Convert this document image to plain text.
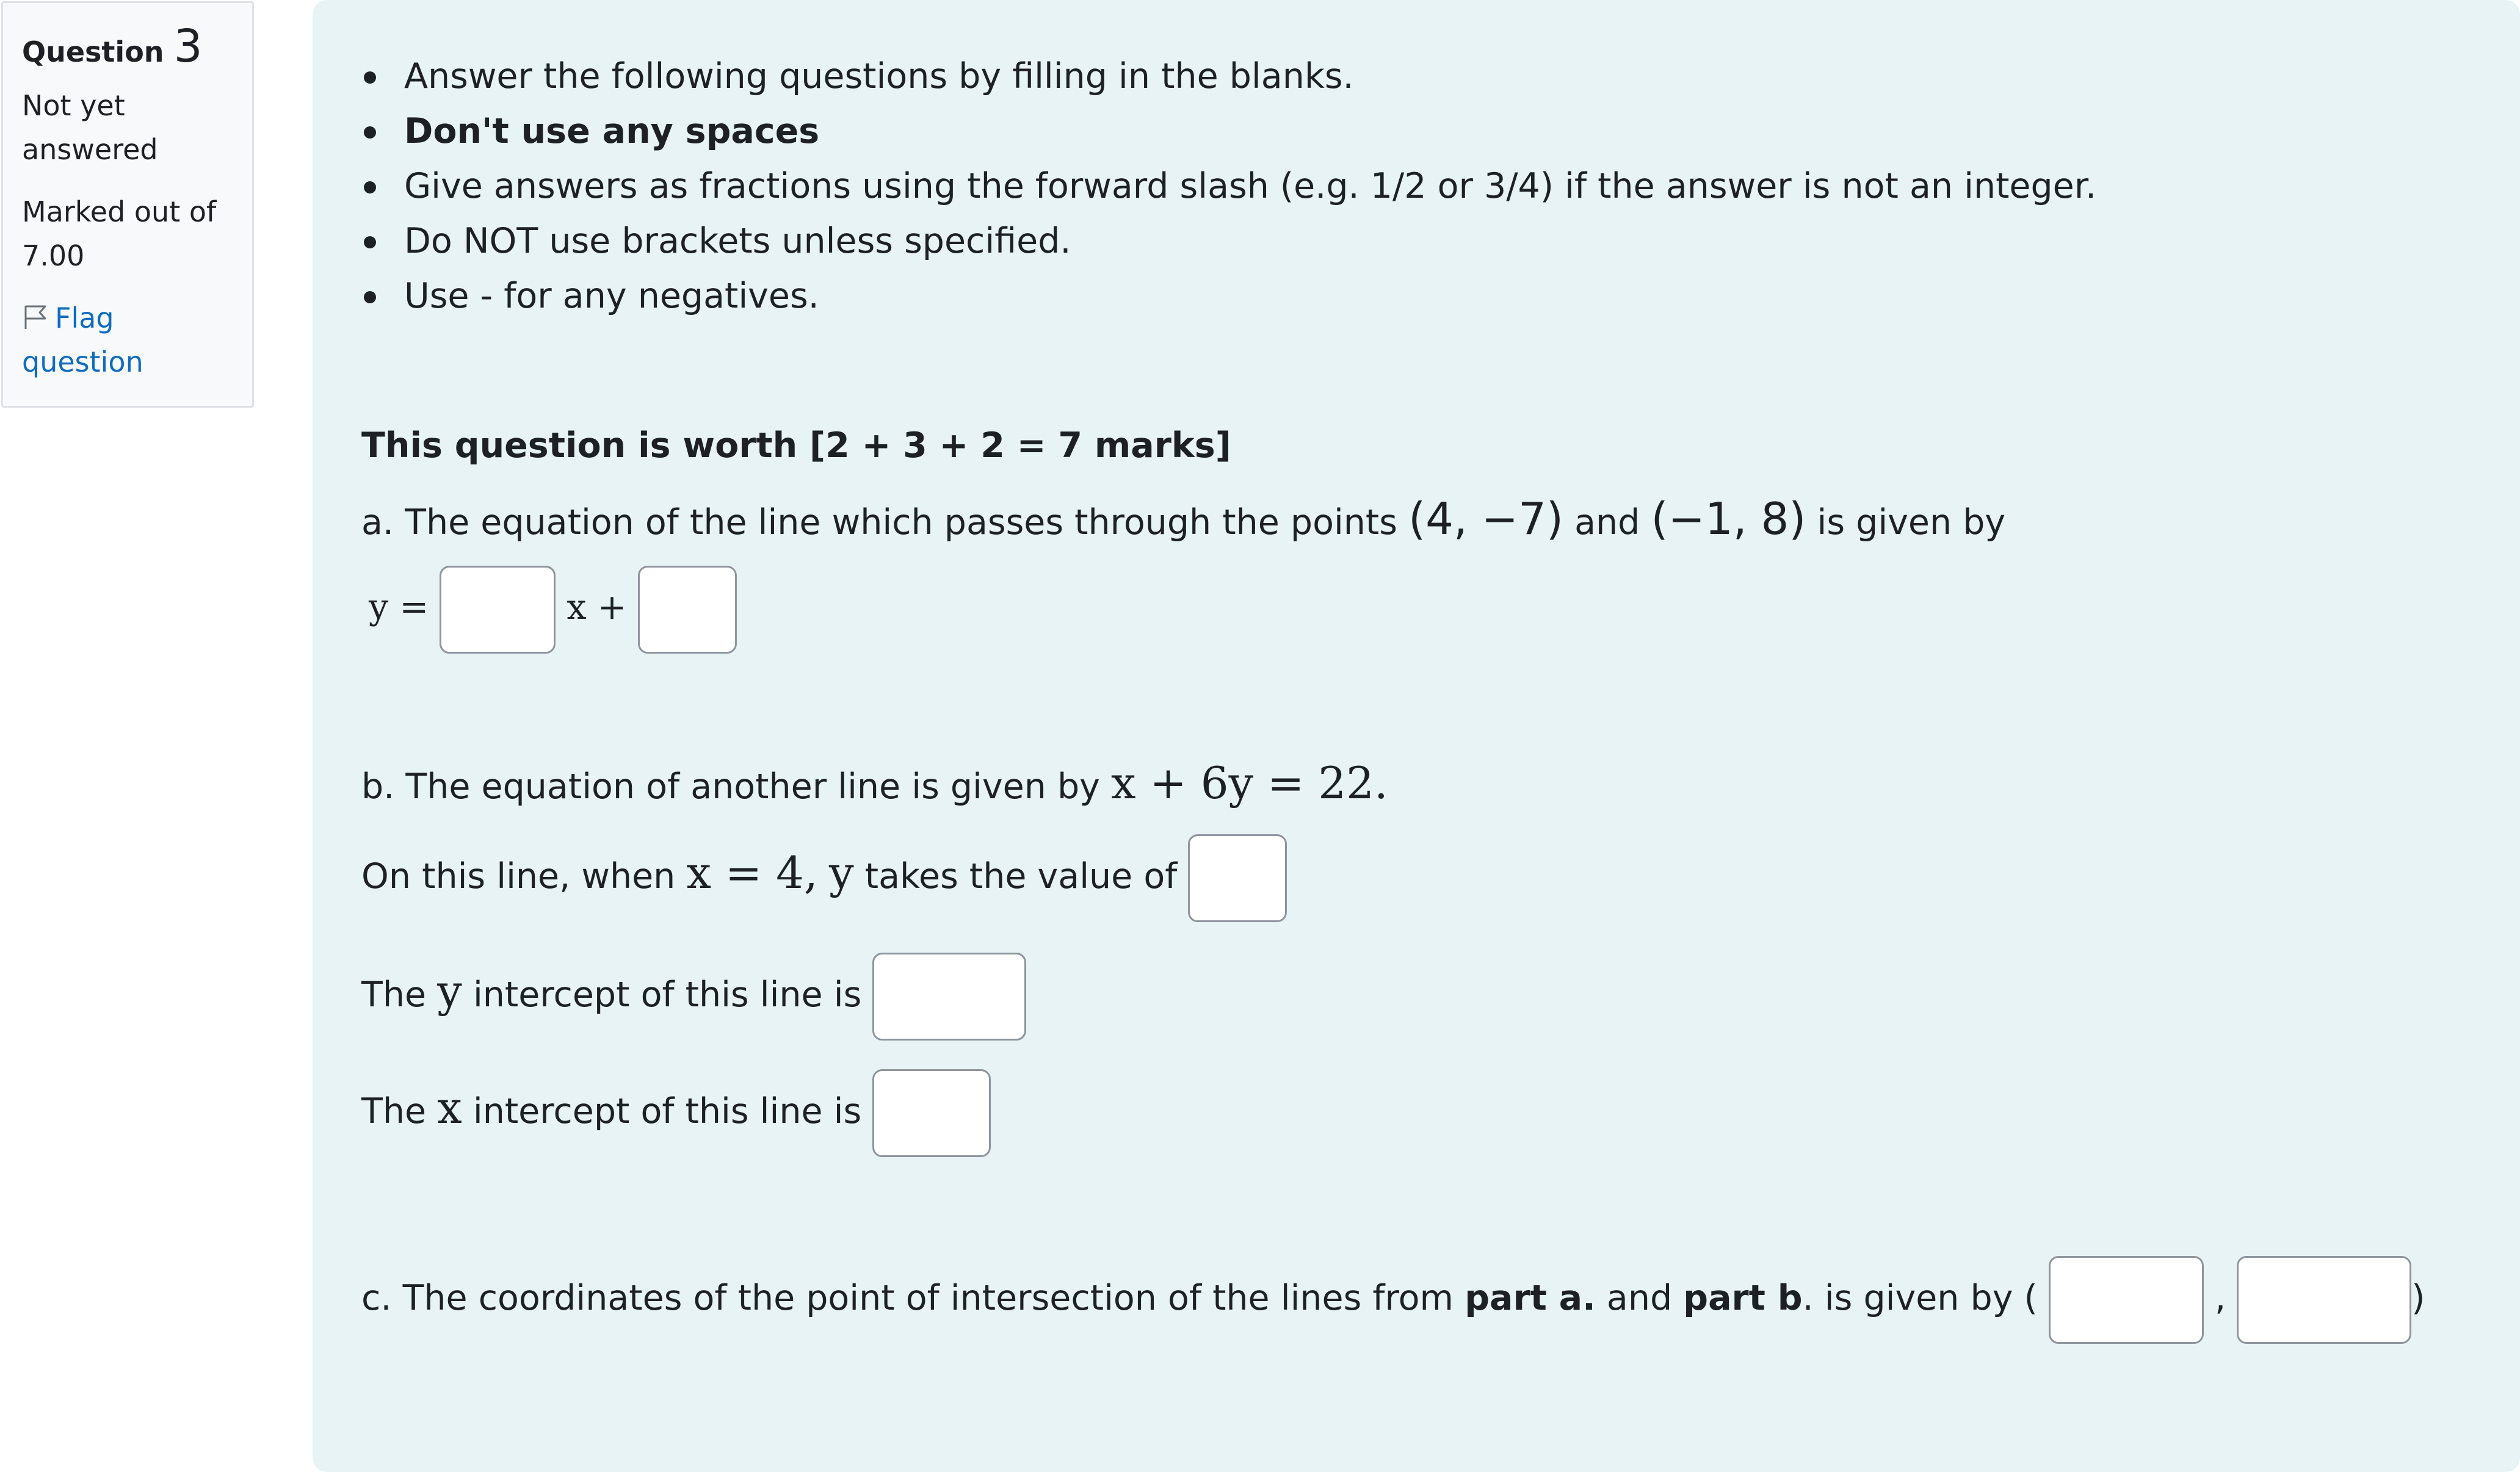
Question 3
Not yet answered
Marked out of 7.00
Flag question
Answer the following questions by filling in the blanks.
Don't use any spaces
Give answers as fractions using the forward slash (e.g. 1/2 or 3/4) if the answer is not an integer.
Do NOT use brackets unless specified.
Use - for any negatives.
This question is worth [2 + 3 + 2 = 7 marks]
a. The equation of the line which passes through the points (4, −7) and (−1, 8) is given by
y =	x +
b. The equation of another line is given by x + 6y = 22.
On this line, when x = 4, y takes the value of
The y intercept of this line is
The x intercept of this line is
c. The coordinates of the point of intersection of the lines from part a. and part b. is given by (	,	)
